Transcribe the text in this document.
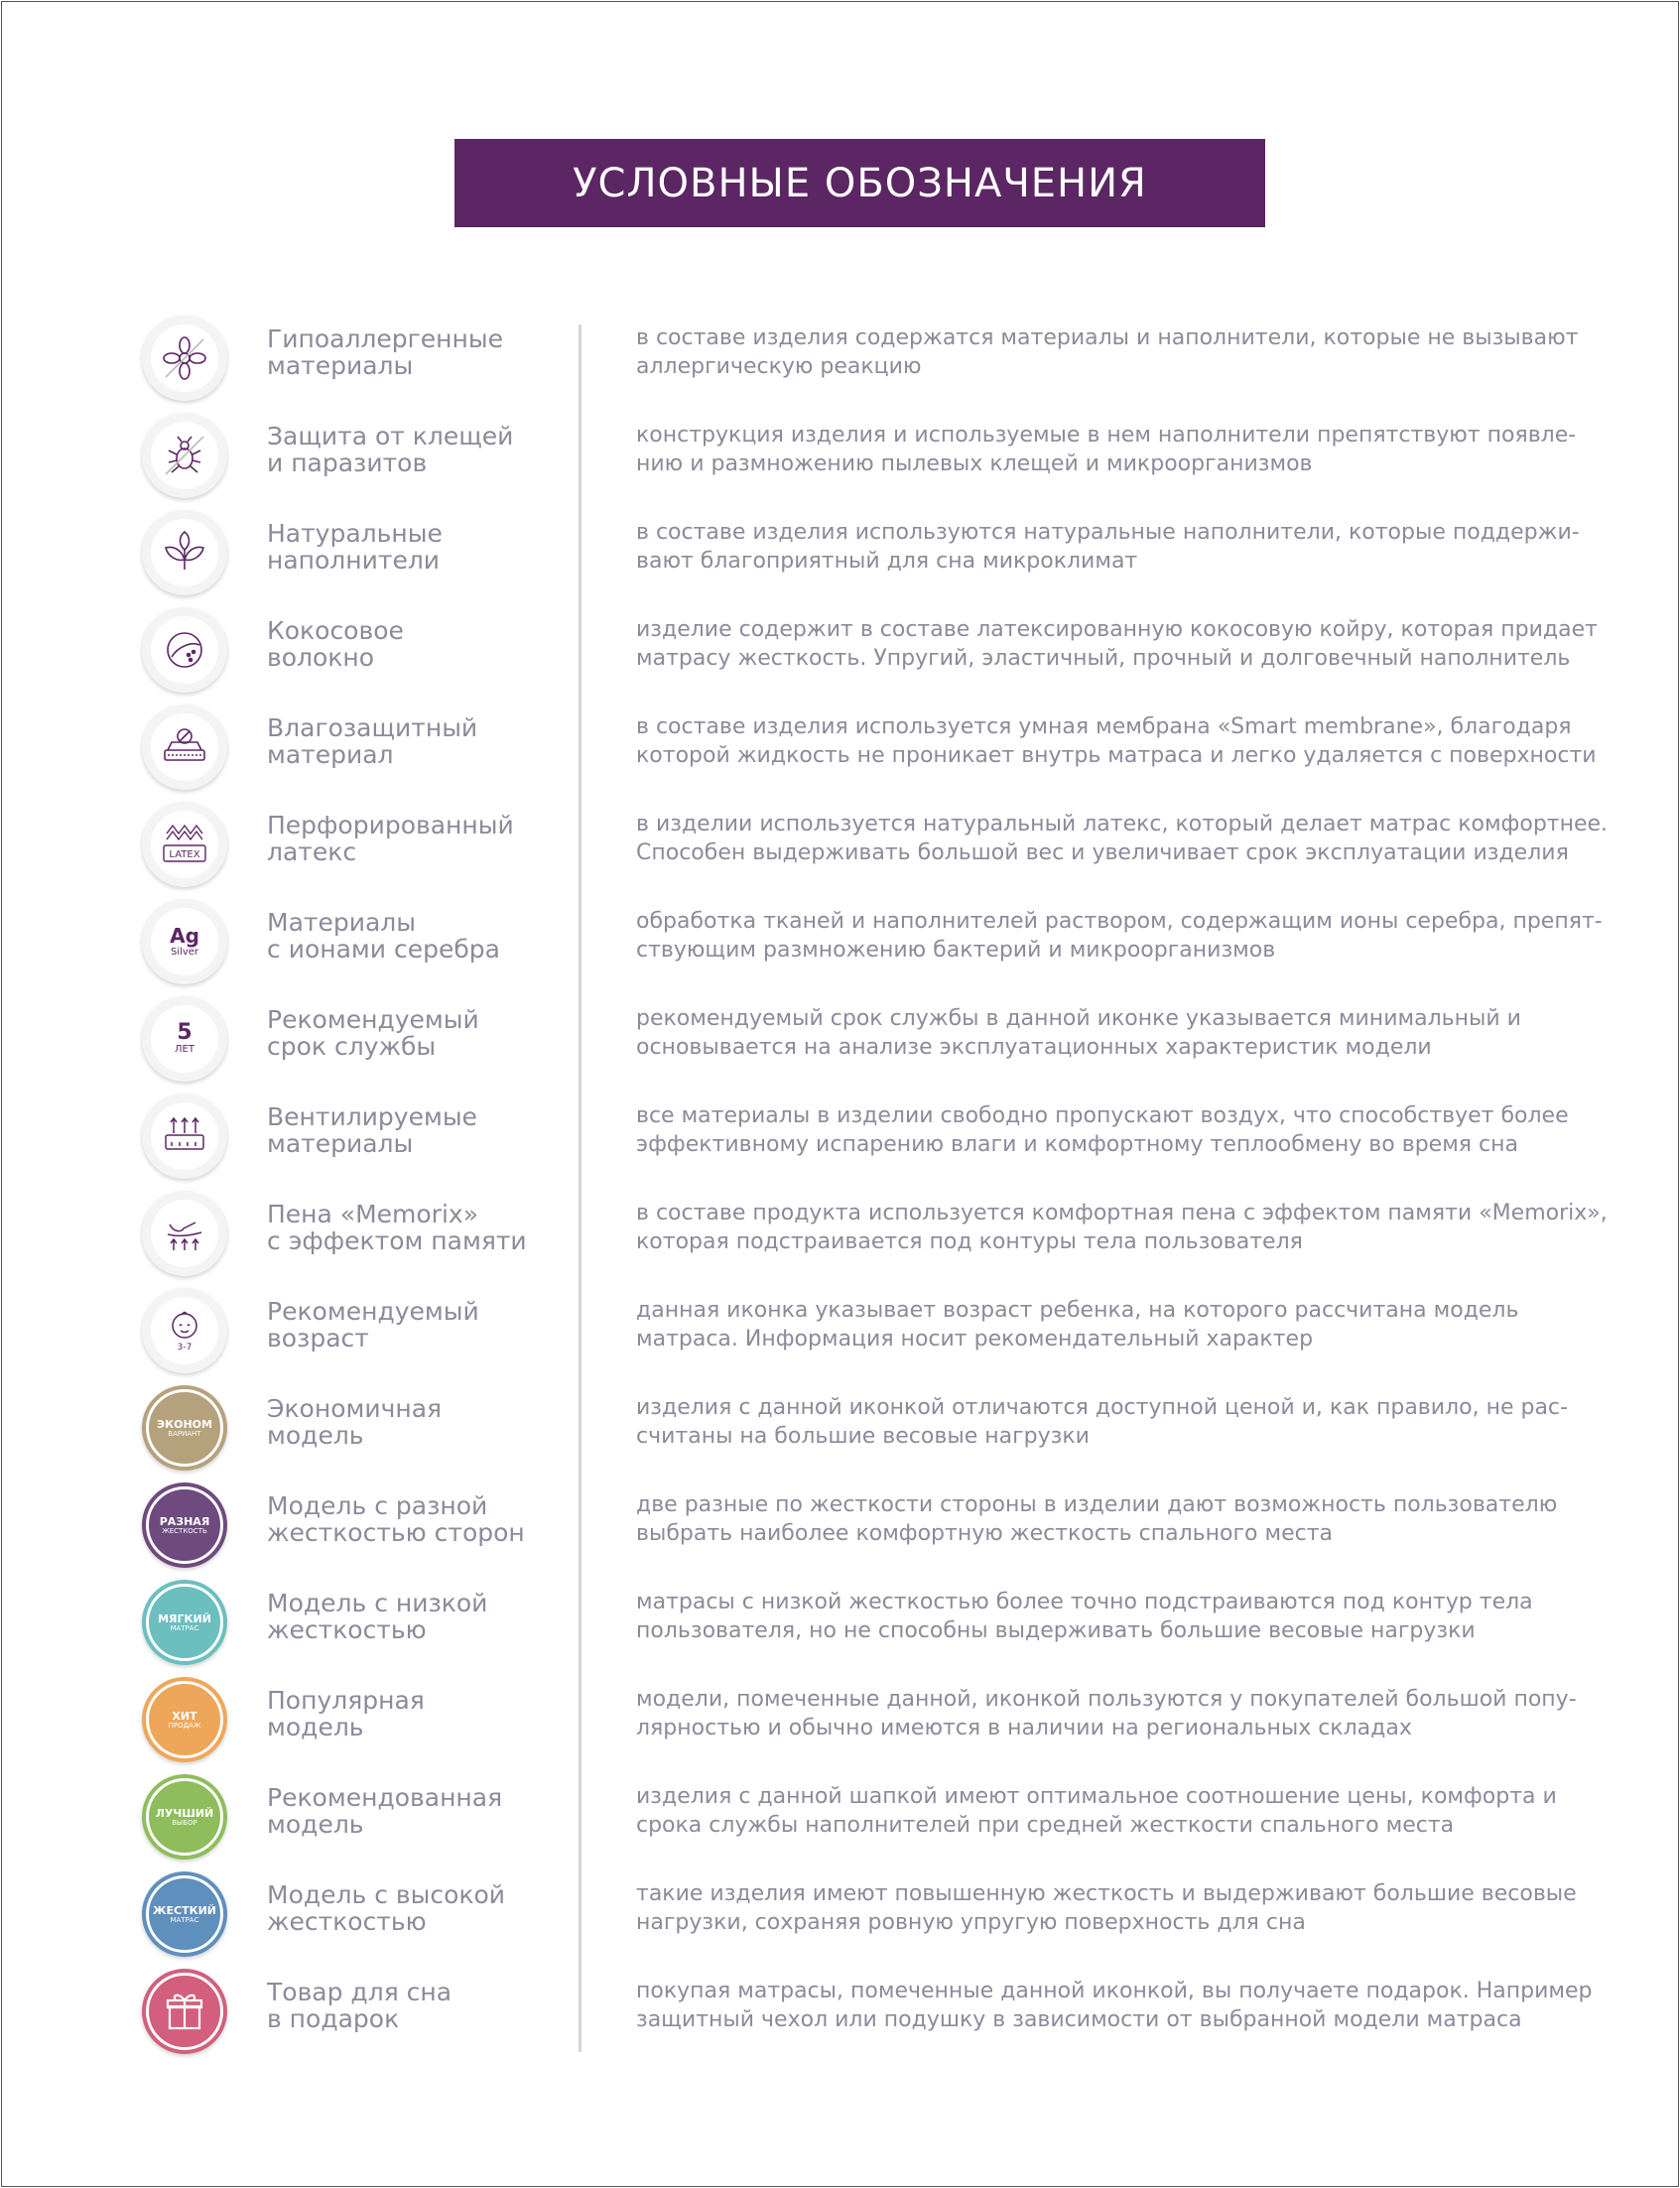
УСЛОВНЫЕ ОБОЗНАЧЕНИЯ
Гипоаллергенные
материалы
в составе изделия содержатся материалы и наполнители, которые не вызывают
аллергическую реакцию
Защита от клещей
и паразитов
конструкция изделия и используемые в нем наполнители препятствуют появле-
нию и размножению пылевых клещей и микроорганизмов
Натуральные
наполнители
в составе изделия используются натуральные наполнители, которые поддержи-
вают благоприятный для сна микроклимат
Кокосовое
волокно
изделие содержит в составе латексированную кокосовую койру, которая придает
матрасу жесткость. Упругий, эластичный, прочный и долговечный наполнитель
Влагозащитный
материал
в составе изделия используется умная мембрана «Smart membrane», благодаря
которой жидкость не проникает внутрь матраса и легко удаляется с поверхности
LATEX
Перфорированный
латекс
в изделии используется натуральный латекс, который делает матрас комфортнее.
Способен выдерживать большой вес и увеличивает срок эксплуатации изделия
Ag
Silver
Материалы
с ионами серебра
обработка тканей и наполнителей раствором, содержащим ионы серебра, препят-
ствующим размножению бактерий и микроорганизмов
5
ЛЕТ
Рекомендуемый
срок службы
рекомендуемый срок службы в данной иконке указывается минимальный и
основывается на анализе эксплуатационных характеристик модели
Вентилируемые
материалы
все материалы в изделии свободно пропускают воздух, что способствует более
эффективному испарению влаги и комфортному теплообмену во время сна
Пена «Memorix»
с эффектом памяти
в составе продукта используется комфортная пена с эффектом памяти «Memorix»,
которая подстраивается под контуры тела пользователя
3-7
Рекомендуемый
возраст
данная иконка указывает возраст ребенка, на которого рассчитана модель
матраса. Информация носит рекомендательный характер
ЭКОНОМ
ВАРИАНТ
Экономичная
модель
изделия с данной иконкой отличаются доступной ценой и, как правило, не рас-
считаны на большие весовые нагрузки
РАЗНАЯ
ЖЕСТКОСТЬ
Модель с разной
жесткостью сторон
две разные по жесткости стороны в изделии дают возможность пользователю
выбрать наиболее комфортную жесткость спального места
МЯГКИЙ
МАТРАС
Модель с низкой
жесткостью
матрасы с низкой жесткостью более точно подстраиваются под контур тела
пользователя, но не способны выдерживать большие весовые нагрузки
ХИТ
ПРОДАЖ
Популярная
модель
модели, помеченные данной, иконкой пользуются у покупателей большой попу-
лярностью и обычно имеются в наличии на региональных складах
ЛУЧШИЙ
ВЫБОР
Рекомендованная
модель
изделия с данной шапкой имеют оптимальное соотношение цены, комфорта и
срока службы наполнителей при средней жесткости спального места
ЖЕСТКИЙ
МАТРАС
Модель с высокой
жесткостью
такие изделия имеют повышенную жесткость и выдерживают большие весовые
нагрузки, сохраняя ровную упругую поверхность для сна
Товар для сна
в подарок
покупая матрасы, помеченные данной иконкой, вы получаете подарок. Например
защитный чехол или подушку в зависимости от выбранной модели матраса
